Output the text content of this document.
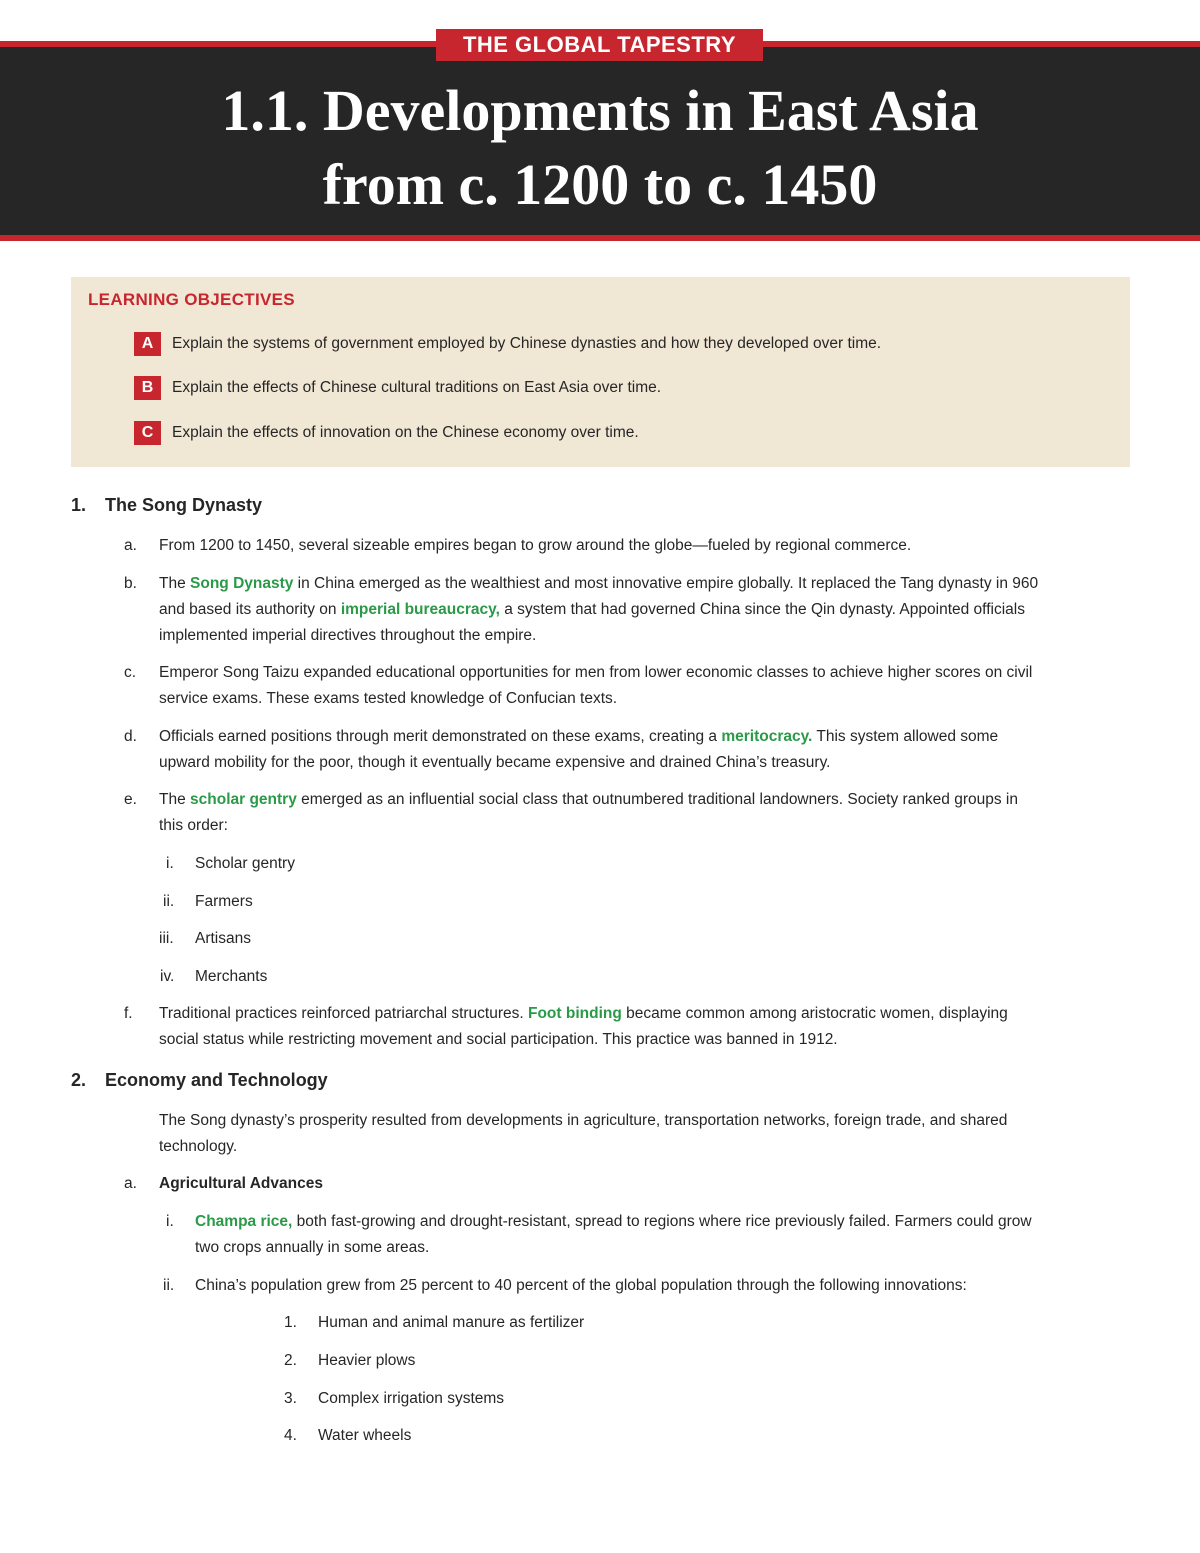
THE GLOBAL TAPESTRY
1.1. Developments in East Asia
from c. 1200 to c. 1450
LEARNING OBJECTIVES
A	Explain the systems of government employed by Chinese dynasties and how they developed over time.
B	Explain the effects of Chinese cultural traditions on East Asia over time.
C	Explain the effects of innovation on the Chinese economy over time.
1. The Song Dynasty
a. From 1200 to 1450, several sizeable empires began to grow around the globe—fueled by regional commerce.
b. The Song Dynasty in China emerged as the wealthiest and most innovative empire globally. It replaced the Tang dynasty in 960
and based its authority on imperial bureaucracy, a system that had governed China since the Qin dynasty. Appointed officials
implemented imperial directives throughout the empire.
c. Emperor Song Taizu expanded educational opportunities for men from lower economic classes to achieve higher scores on civil
service exams. These exams tested knowledge of Confucian texts.
d. Officials earned positions through merit demonstrated on these exams, creating a meritocracy. This system allowed some
upward mobility for the poor, though it eventually became expensive and drained China’s treasury.
e. The scholar gentry emerged as an influential social class that outnumbered traditional landowners. Society ranked groups in
this order:
i. Scholar gentry
ii. Farmers
iii. Artisans
iv. Merchants
f. Traditional practices reinforced patriarchal structures. Foot binding became common among aristocratic women, displaying
social status while restricting movement and social participation. This practice was banned in 1912.
2. Economy and Technology
The Song dynasty’s prosperity resulted from developments in agriculture, transportation networks, foreign trade, and shared
technology.
a. Agricultural Advances
i. Champa rice, both fast-growing and drought-resistant, spread to regions where rice previously failed. Farmers could grow
two crops annually in some areas.
ii. China’s population grew from 25 percent to 40 percent of the global population through the following innovations:
1. Human and animal manure as fertilizer
2. Heavier plows
3. Complex irrigation systems
4. Water wheels
